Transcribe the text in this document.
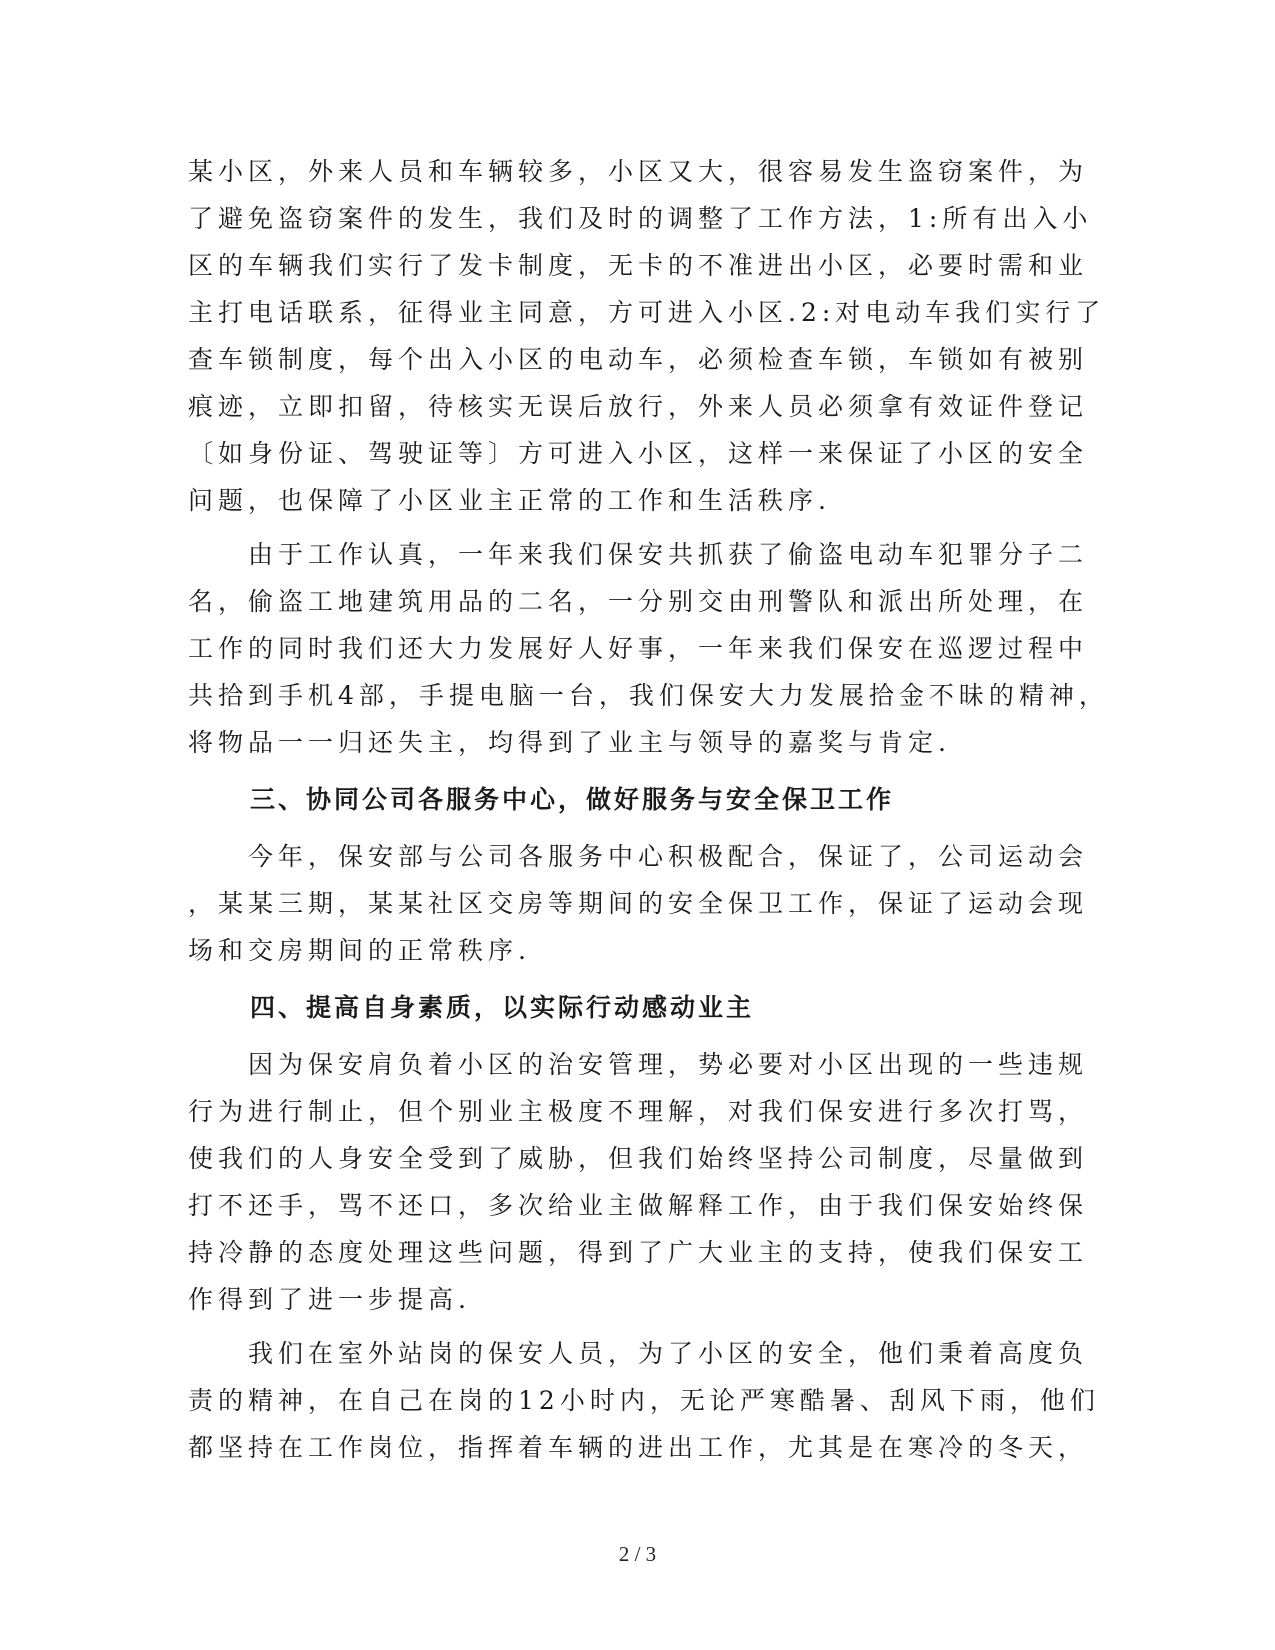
某小区，外来人员和车辆较多，小区又大，很容易发生盗窃案件，为
了避免盗窃案件的发生，我们及时的调整了工作方法，1:所有出入小
区的车辆我们实行了发卡制度，无卡的不准进出小区，必要时需和业
主打电话联系，征得业主同意，方可进入小区.2:对电动车我们实行了
查车锁制度，每个出入小区的电动车，必须检查车锁，车锁如有被别
痕迹，立即扣留，待核实无误后放行，外来人员必须拿有效证件登记
〔如身份证、驾驶证等〕方可进入小区，这样一来保证了小区的安全
问题，也保障了小区业主正常的工作和生活秩序.

　　由于工作认真，一年来我们保安共抓获了偷盗电动车犯罪分子二
名，偷盗工地建筑用品的二名，一分别交由刑警队和派出所处理，在
工作的同时我们还大力发展好人好事，一年来我们保安在巡逻过程中
共拾到手机4部，手提电脑一台，我们保安大力发展拾金不昧的精神，
将物品一一归还失主，均得到了业主与领导的嘉奖与肯定.

三、协同公司各服务中心，做好服务与安全保卫工作

　　今年，保安部与公司各服务中心积极配合，保证了，公司运动会
，某某三期，某某社区交房等期间的安全保卫工作，保证了运动会现
场和交房期间的正常秩序.

四、提高自身素质，以实际行动感动业主

　　因为保安肩负着小区的治安管理，势必要对小区出现的一些违规
行为进行制止，但个别业主极度不理解，对我们保安进行多次打骂，
使我们的人身安全受到了威胁，但我们始终坚持公司制度，尽量做到
打不还手，骂不还口，多次给业主做解释工作，由于我们保安始终保
持冷静的态度处理这些问题，得到了广大业主的支持，使我们保安工
作得到了进一步提高.

　　我们在室外站岗的保安人员，为了小区的安全，他们秉着高度负
责的精神，在自己在岗的12小时内，无论严寒酷暑、刮风下雨，他们
都坚持在工作岗位，指挥着车辆的进出工作，尤其是在寒冷的冬天，

2 / 3
